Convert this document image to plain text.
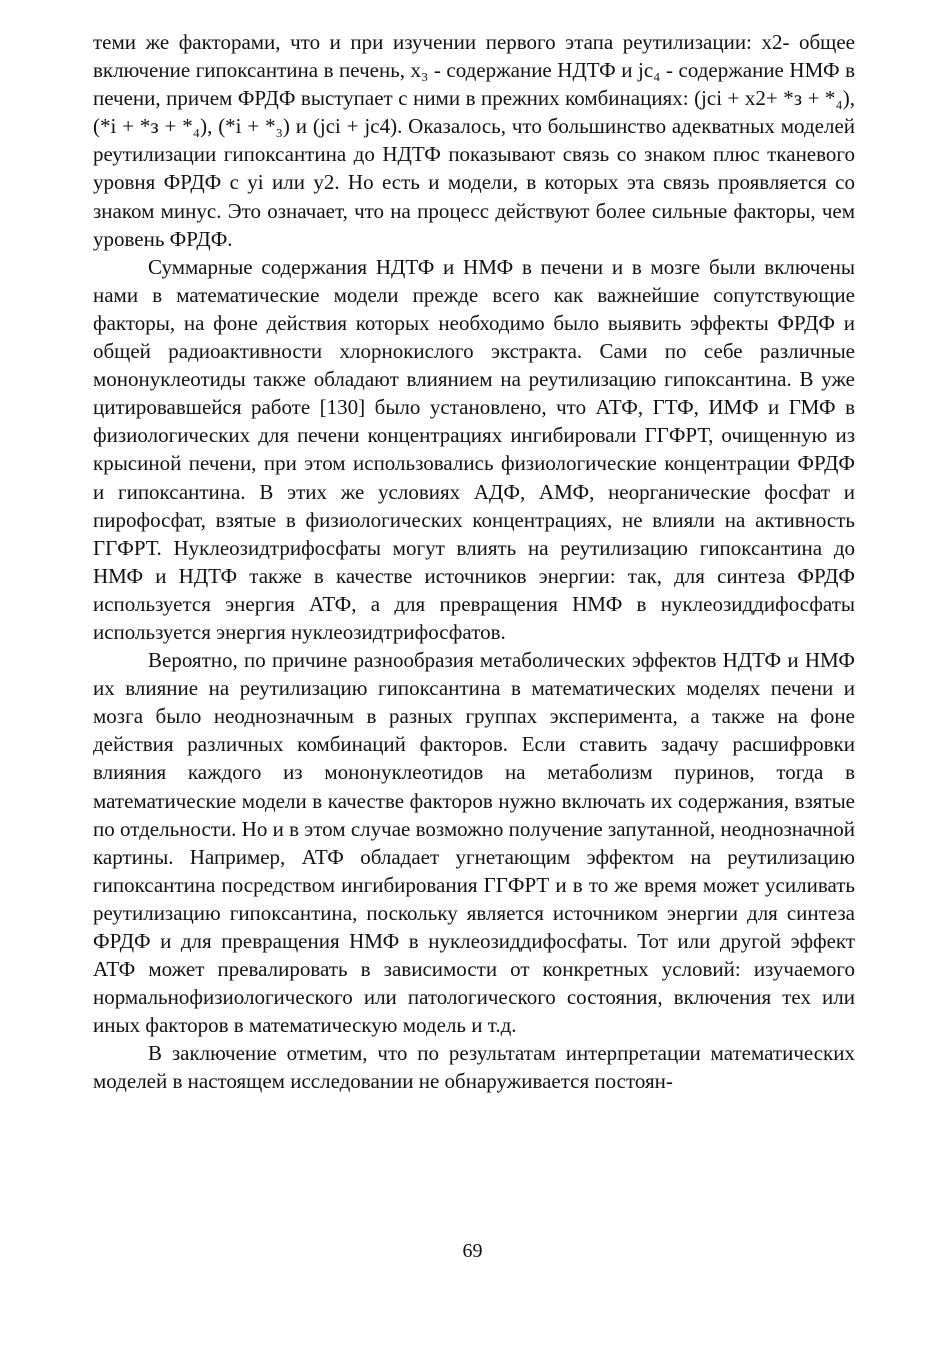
теми же факторами, что и при изучении первого этапа реутилизации: x2- общее включение гипоксантина в печень, x₃ - содержание НДТФ и jc₄ - содержание НМФ в печени, причем ФРДФ выступает с ними в прежних комбинациях: (jci + x2+ *з + *₄), (*i + *з + *₄), (*i + *₃) и (jci + jc4). Оказалось, что большинство адекватных моделей реутилизации гипоксантина до НДТФ показывают связь со знаком плюс тканевого уровня ФРДФ с yi или y2. Но есть и модели, в которых эта связь проявляется со знаком минус. Это означает, что на процесс действуют более сильные факторы, чем уровень ФРДФ.

Суммарные содержания НДТФ и НМФ в печени и в мозге были включены нами в математические модели прежде всего как важнейшие сопутствующие факторы, на фоне действия которых необходимо было выявить эффекты ФРДФ и общей радиоактивности хлорнокислого экстракта. Сами по себе различные мононуклеотиды также обладают влиянием на реутилизацию гипоксантина. В уже цитировавшейся работе [130] было установлено, что АТФ, ГТФ, ИМФ и ГМФ в физиологических для печени концентрациях ингибировали ГГФРТ, очищенную из крысиной печени, при этом использовались физиологические концентрации ФРДФ и гипоксантина. В этих же условиях АДФ, АМФ, неорганические фосфат и пирофосфат, взятые в физиологических концентрациях, не влияли на активность ГГФРТ. Нуклеозидтрифосфаты могут влиять на реутилизацию гипоксантина до НМФ и НДТФ также в качестве источников энергии: так, для синтеза ФРДФ используется энергия АТФ, а для превращения НМФ в нуклеозиддифосфаты используется энергия нуклеозидтрифосфатов.

Вероятно, по причине разнообразия метаболических эффектов НДТФ и НМФ их влияние на реутилизацию гипоксантина в математических моделях печени и мозга было неоднозначным в разных группах эксперимента, а также на фоне действия различных комбинаций факторов. Если ставить задачу расшифровки влияния каждого из мононуклеотидов на метаболизм пуринов, тогда в математические модели в качестве факторов нужно включать их содержания, взятые по отдельности. Но и в этом случае возможно получение запутанной, неоднозначной картины. Например, АТФ обладает угнетающим эффектом на реутилизацию гипоксантина посредством ингибирования ГГФРТ и в то же время может усиливать реутилизацию гипоксантина, поскольку является источником энергии для синтеза ФРДФ и для превращения НМФ в нуклеозиддифосфаты. Тот или другой эффект АТФ может превалировать в зависимости от конкретных условий: изучаемого нормальнофизиологического или патологического состояния, включения тех или иных факторов в математическую модель и т.д.

В заключение отметим, что по результатам интерпретации математических моделей в настоящем исследовании не обнаруживается постоян-

69
